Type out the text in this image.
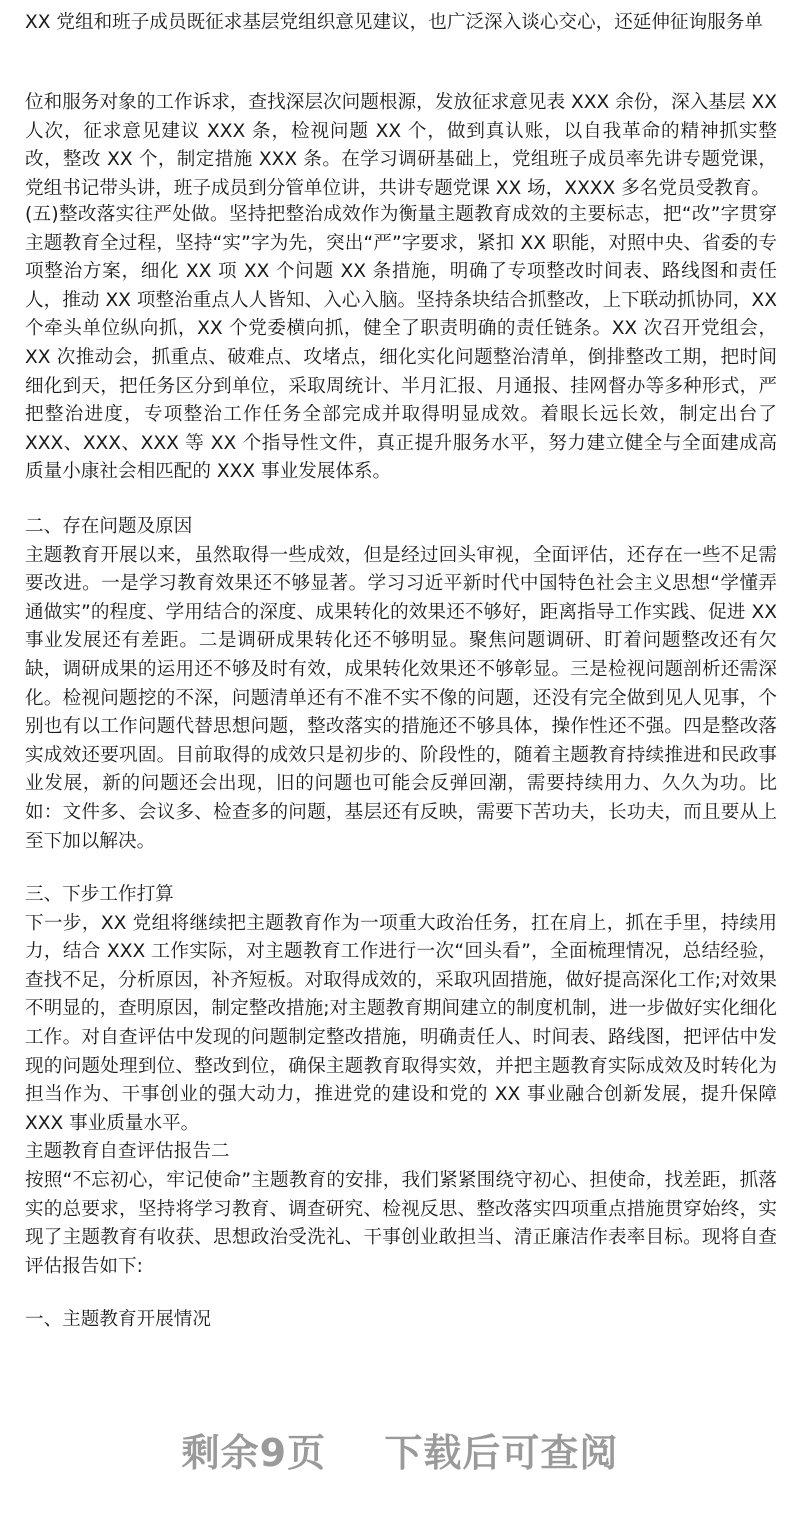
XX 党组和班子成员既征求基层党组织意见建议，也广泛深入谈心交心，还延伸征询服务单

位和服务对象的工作诉求，查找深层次问题根源，发放征求意见表 XXX 余份，深入基层 XX 人次，征求意见建议 XXX 条，检视问题 XX 个，做到真认账，以自我革命的精神抓实整改，整改 XX 个，制定措施 XXX 条。在学习调研基础上，党组班子成员率先讲专题党课，党组书记带头讲，班子成员到分管单位讲，共讲专题党课 XX 场，XXXX 多名党员受教育。

(五)整改落实往严处做。坚持把整治成效作为衡量主题教育成效的主要标志，把“改”字贯穿主题教育全过程，坚持“实”字为先，突出“严”字要求，紧扣 XX 职能，对照中央、省委的专项整治方案，细化 XX 项 XX 个问题 XX 条措施，明确了专项整改时间表、路线图和责任人，推动 XX 项整治重点人人皆知、入心入脑。坚持条块结合抓整改，上下联动抓协同，XX 个牵头单位纵向抓，XX 个党委横向抓，健全了职责明确的责任链条。XX 次召开党组会，XX 次推动会，抓重点、破难点、攻堵点，细化实化问题整治清单，倒排整改工期，把时间细化到天，把任务区分到单位，采取周统计、半月汇报、月通报、挂网督办等多种形式，严把整治进度，专项整治工作任务全部完成并取得明显成效。着眼长远长效，制定出台了 XXX、XXX、XXX 等 XX 个指导性文件，真正提升服务水平，努力建立健全与全面建成高质量小康社会相匹配的 XXX 事业发展体系。

二、存在问题及原因

主题教育开展以来，虽然取得一些成效，但是经过回头审视，全面评估，还存在一些不足需要改进。一是学习教育效果还不够显著。学习习近平新时代中国特色社会主义思想“学懂弄通做实”的程度、学用结合的深度、成果转化的效果还不够好，距离指导工作实践、促进 XX 事业发展还有差距。二是调研成果转化还不够明显。聚焦问题调研、盯着问题整改还有欠缺，调研成果的运用还不够及时有效，成果转化效果还不够彰显。三是检视问题剖析还需深化。检视问题挖的不深，问题清单还有不准不实不像的问题，还没有完全做到见人见事，个别也有以工作问题代替思想问题，整改落实的措施还不够具体，操作性还不强。四是整改落实成效还要巩固。目前取得的成效只是初步的、阶段性的，随着主题教育持续推进和民政事业发展，新的问题还会出现，旧的问题也可能会反弹回潮，需要持续用力、久久为功。比如：文件多、会议多、检查多的问题，基层还有反映，需要下苦功夫，长功夫，而且要从上至下加以解决。

三、下步工作打算

下一步，XX 党组将继续把主题教育作为一项重大政治任务，扛在肩上，抓在手里，持续用力，结合 XXX 工作实际，对主题教育工作进行一次“回头看”，全面梳理情况，总结经验，查找不足，分析原因，补齐短板。对取得成效的，采取巩固措施，做好提高深化工作;对效果不明显的，查明原因，制定整改措施;对主题教育期间建立的制度机制，进一步做好实化细化工作。对自查评估中发现的问题制定整改措施，明确责任人、时间表、路线图，把评估中发现的问题处理到位、整改到位，确保主题教育取得实效，并把主题教育实际成效及时转化为担当作为、干事创业的强大动力，推进党的建设和党的 XX 事业融合创新发展，提升保障 XXX 事业质量水平。

主题教育自查评估报告二

按照“不忘初心，牢记使命”主题教育的安排，我们紧紧围绕守初心、担使命，找差距，抓落实的总要求，坚持将学习教育、调查研究、检视反思、整改落实四项重点措施贯穿始终，实现了主题教育有收获、思想政治受洗礼、干事创业敢担当、清正廉洁作表率目标。现将自查评估报告如下:

一、主题教育开展情况

剩余9页 下载后可查阅
